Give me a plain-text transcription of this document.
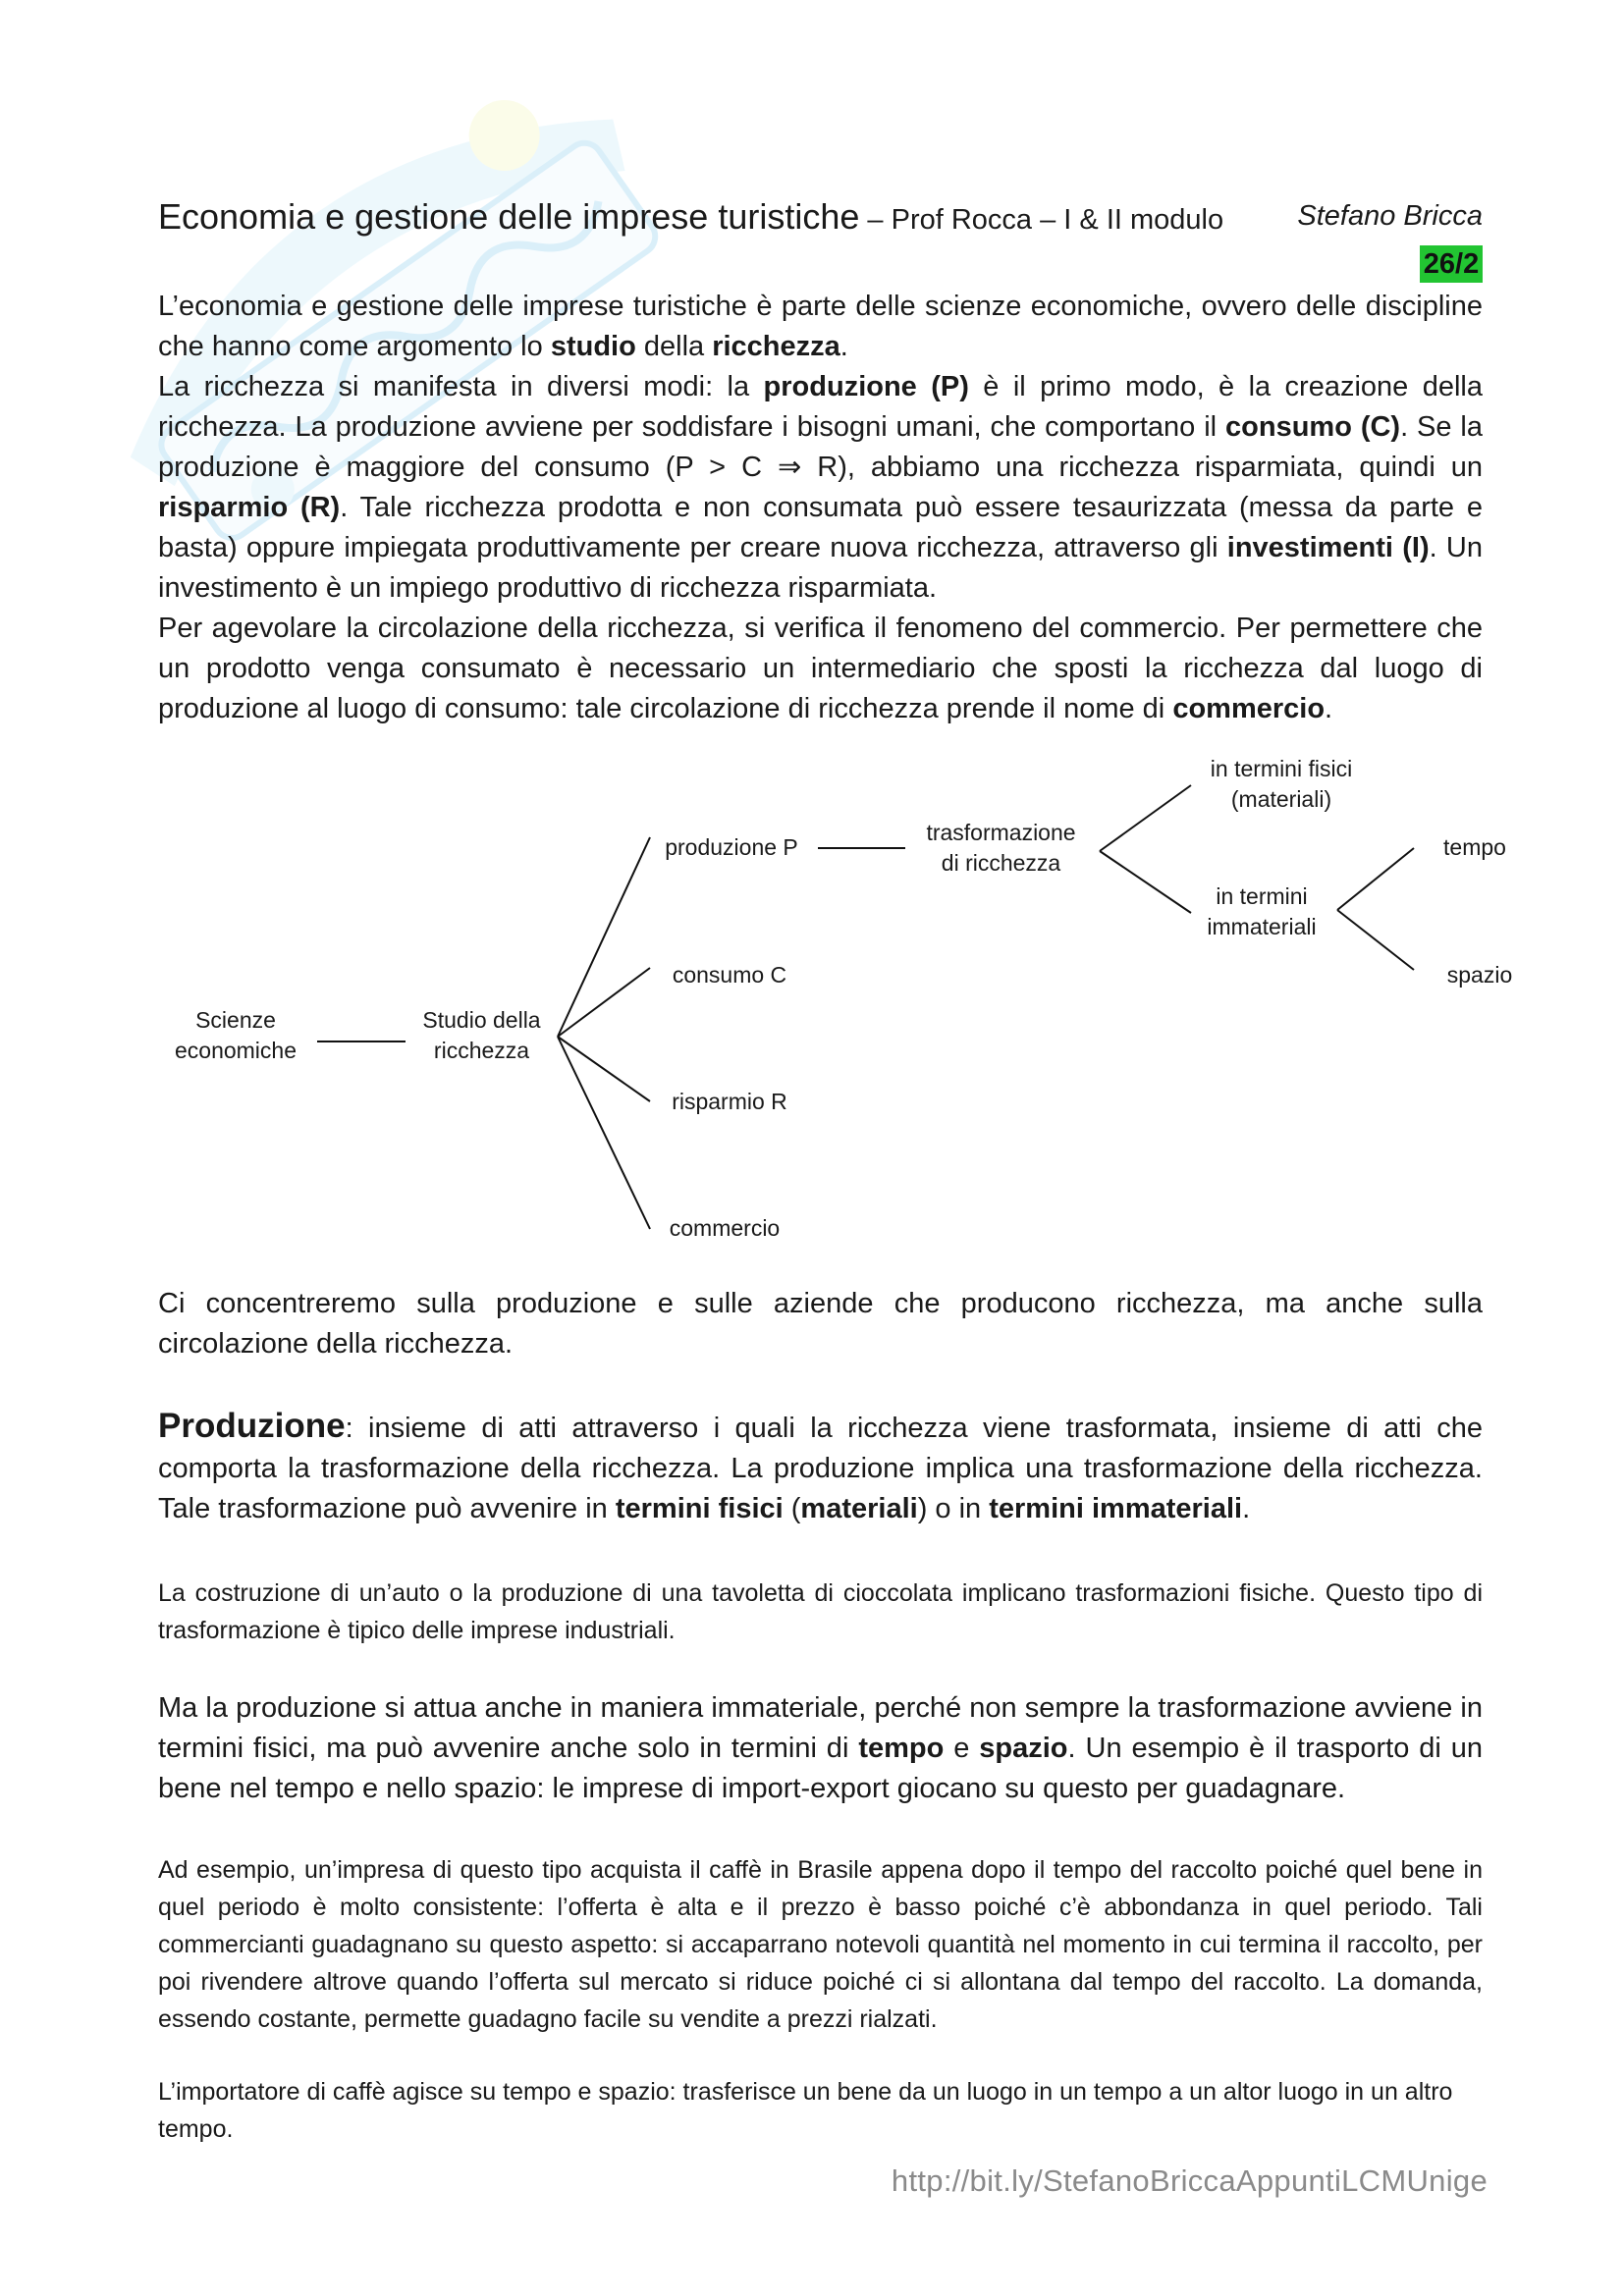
Economia e gestione delle imprese turistiche – Prof Rocca – I & II modulo	Stefano Bricca
26/2
L’economia e gestione delle imprese turistiche è parte delle scienze economiche, ovvero delle discipline che hanno come argomento lo studio della ricchezza.
La ricchezza si manifesta in diversi modi: la produzione (P) è il primo modo, è la creazione della ricchezza. La produzione avviene per soddisfare i bisogni umani, che comportano il consumo (C). Se la produzione è maggiore del consumo (P > C ⇒ R), abbiamo una ricchezza risparmiata, quindi un risparmio (R). Tale ricchezza prodotta e non consumata può essere tesaurizzata (messa da parte e basta) oppure impiegata produttivamente per creare nuova ricchezza, attraverso gli investimenti (I). Un investimento è un impiego produttivo di ricchezza risparmiata.
Per agevolare la circolazione della ricchezza, si verifica il fenomeno del commercio. Per permettere che un prodotto venga consumato è necessario un intermediario che sposti la ricchezza dal luogo di produzione al luogo di consumo: tale circolazione di ricchezza prende il nome di commercio.
Scienze
economiche
Studio della
ricchezza
produzione P
consumo C
risparmio R
commercio
trasformazione
di ricchezza
in termini fisici
(materiali)
in termini
immateriali
tempo
spazio
Ci concentreremo sulla produzione e sulle aziende che producono ricchezza, ma anche sulla circolazione della ricchezza.
Produzione: insieme di atti attraverso i quali la ricchezza viene trasformata, insieme di atti che comporta la trasformazione della ricchezza. La produzione implica una trasformazione della ricchezza. Tale trasformazione può avvenire in termini fisici (materiali) o in termini immateriali.
La costruzione di un’auto o la produzione di una tavoletta di cioccolata implicano trasformazioni fisiche. Questo tipo di trasformazione è tipico delle imprese industriali.
Ma la produzione si attua anche in maniera immateriale, perché non sempre la trasformazione avviene in termini fisici, ma può avvenire anche solo in termini di tempo e spazio. Un esempio è il trasporto di un bene nel tempo e nello spazio: le imprese di import-export giocano su questo per guadagnare.
Ad esempio, un’impresa di questo tipo acquista il caffè in Brasile appena dopo il tempo del raccolto poiché quel bene in quel periodo è molto consistente: l’offerta è alta e il prezzo è basso poiché c’è abbondanza in quel periodo. Tali commercianti guadagnano su questo aspetto: si accaparrano notevoli quantità nel momento in cui termina il raccolto, per poi rivendere altrove quando l’offerta sul mercato si riduce poiché ci si allontana dal tempo del raccolto. La domanda, essendo costante, permette guadagno facile su vendite a prezzi rialzati.
L’importatore di caffè agisce su tempo e spazio: trasferisce un bene da un luogo in un tempo a un altor luogo in un altro tempo.
http://bit.ly/StefanoBriccaAppuntiLCMUnige
